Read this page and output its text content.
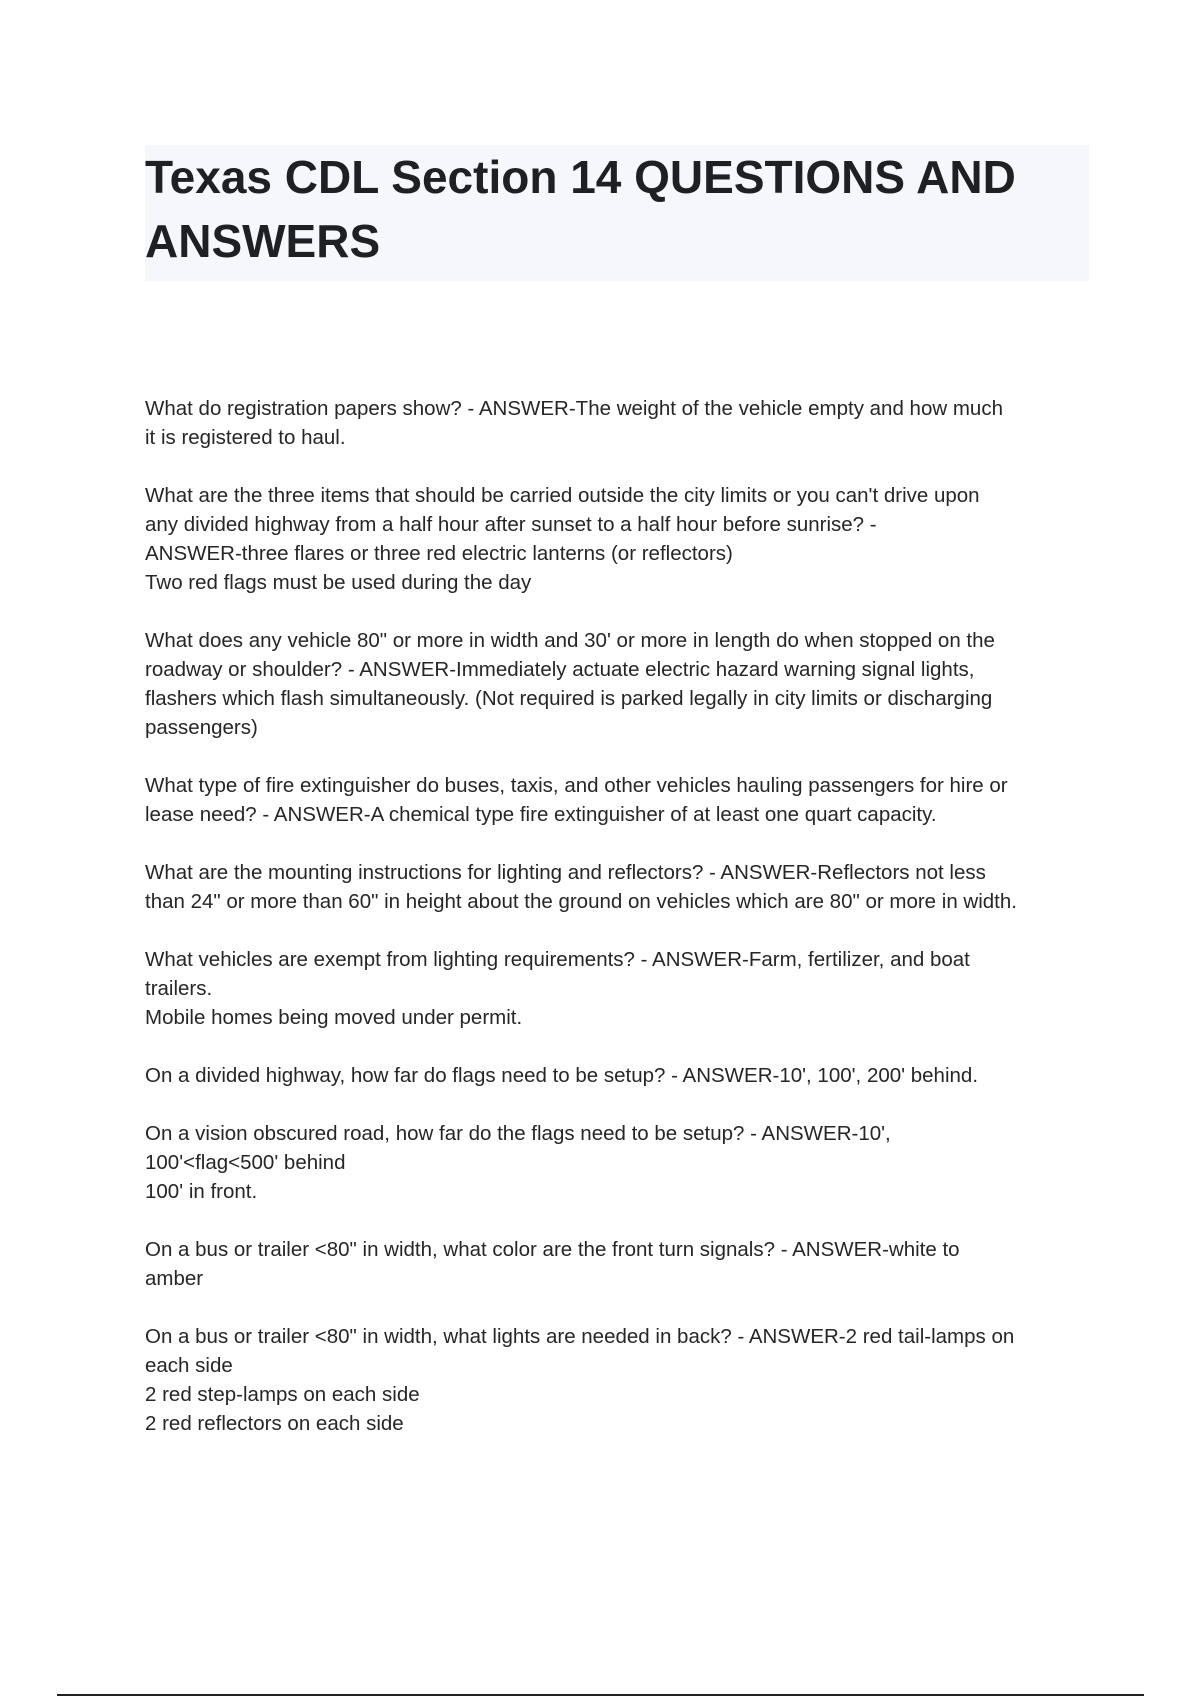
Texas CDL Section 14 QUESTIONS AND ANSWERS

What do registration papers show? - ANSWER-The weight of the vehicle empty and how much
it is registered to haul.

What are the three items that should be carried outside the city limits or you can't drive upon
any divided highway from a half hour after sunset to a half hour before sunrise? -
ANSWER-three flares or three red electric lanterns (or reflectors)
Two red flags must be used during the day

What does any vehicle 80" or more in width and 30' or more in length do when stopped on the
roadway or shoulder? - ANSWER-Immediately actuate electric hazard warning signal lights,
flashers which flash simultaneously. (Not required is parked legally in city limits or discharging
passengers)

What type of fire extinguisher do buses, taxis, and other vehicles hauling passengers for hire or
lease need? - ANSWER-A chemical type fire extinguisher of at least one quart capacity.

What are the mounting instructions for lighting and reflectors? - ANSWER-Reflectors not less
than 24" or more than 60" in height about the ground on vehicles which are 80" or more in width.

What vehicles are exempt from lighting requirements? - ANSWER-Farm, fertilizer, and boat
trailers.
Mobile homes being moved under permit.

On a divided highway, how far do flags need to be setup? - ANSWER-10', 100', 200' behind.

On a vision obscured road, how far do the flags need to be setup? - ANSWER-10',
100'<flag<500' behind
100' in front.

On a bus or trailer <80" in width, what color are the front turn signals? - ANSWER-white to
amber

On a bus or trailer <80" in width, what lights are needed in back? - ANSWER-2 red tail-lamps on
each side
2 red step-lamps on each side
2 red reflectors on each side
